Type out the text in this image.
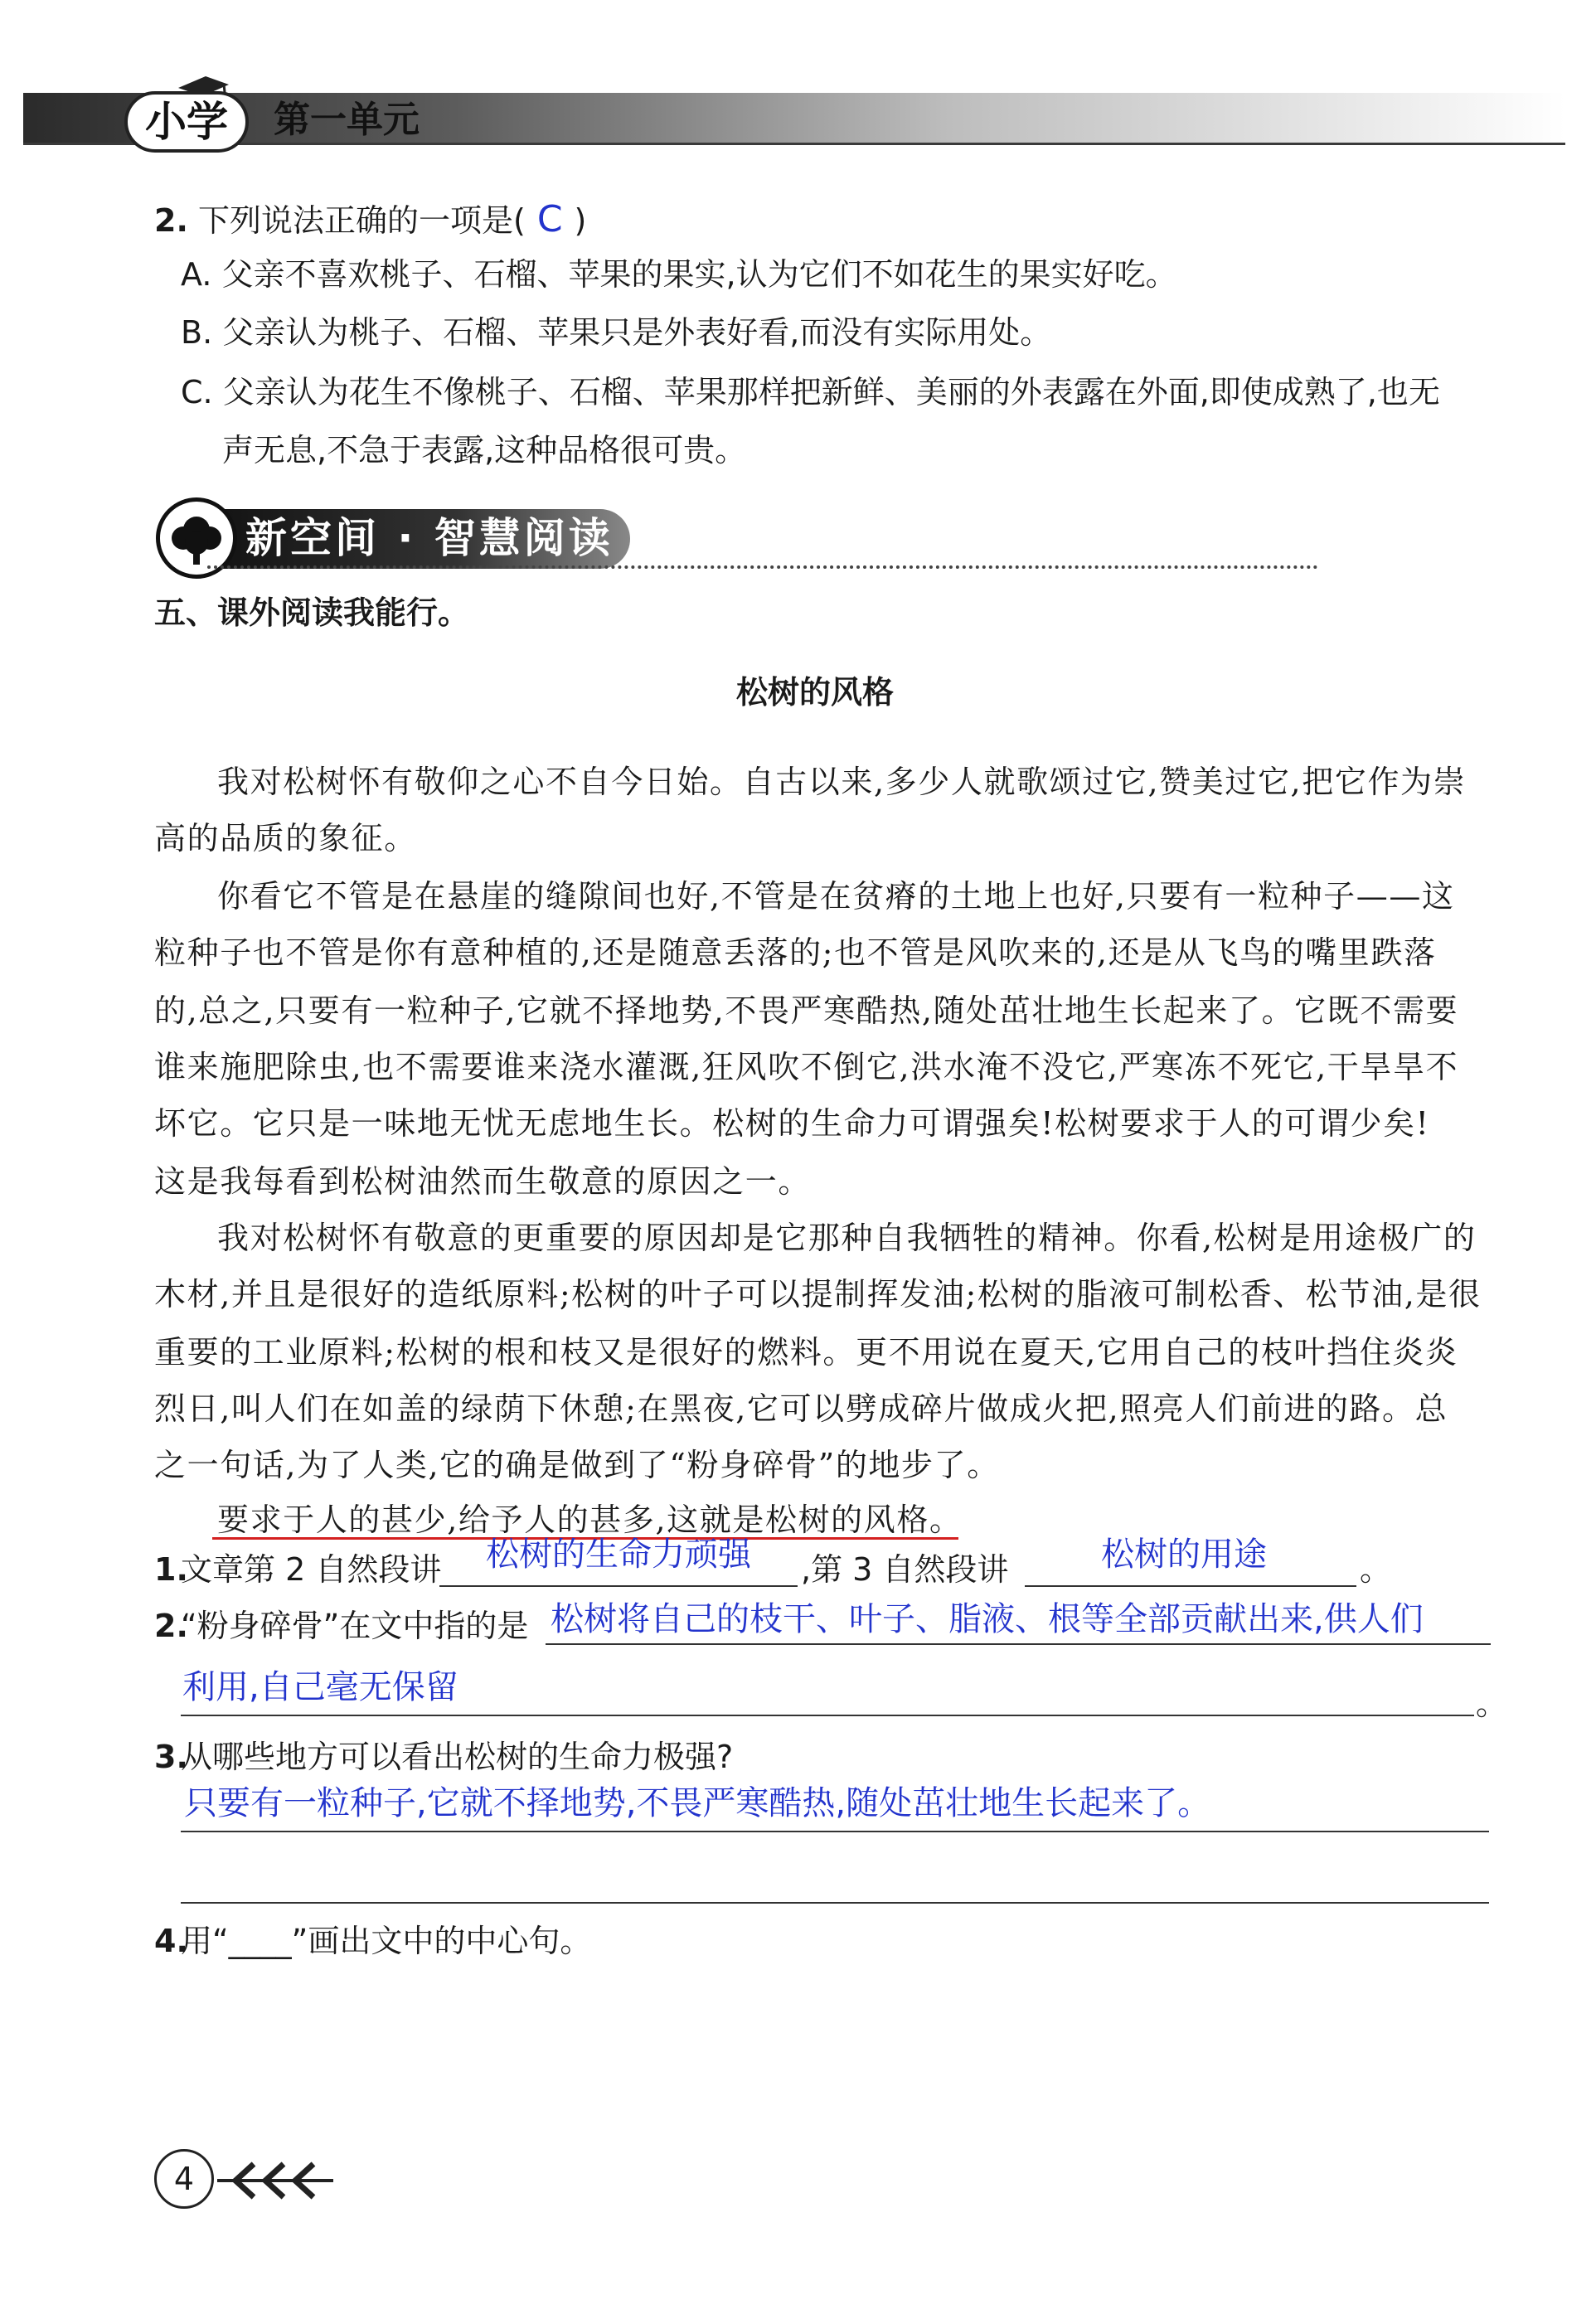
小学	第一单元
2. 下列说法正确的一项是( C )
A. 父亲不喜欢桃子、石榴、苹果的果实,认为它们不如花生的果实好吃。
B. 父亲认为桃子、石榴、苹果只是外表好看,而没有实际用处。
C. 父亲认为花生不像桃子、石榴、苹果那样把新鲜、美丽的外表露在外面,即使成熟了,也无
声无息,不急于表露,这种品格很可贵。
新空间 · 智慧阅读
五、课外阅读我能行。
松树的风格
我对松树怀有敬仰之心不自今日始。自古以来,多少人就歌颂过它,赞美过它,把它作为崇
高的品质的象征。
你看它不管是在悬崖的缝隙间也好,不管是在贫瘠的土地上也好,只要有一粒种子——这
粒种子也不管是你有意种植的,还是随意丢落的;也不管是风吹来的,还是从飞鸟的嘴里跌落
的,总之,只要有一粒种子,它就不择地势,不畏严寒酷热,随处茁壮地生长起来了。它既不需要
谁来施肥除虫,也不需要谁来浇水灌溉,狂风吹不倒它,洪水淹不没它,严寒冻不死它,干旱旱不
坏它。它只是一味地无忧无虑地生长。松树的生命力可谓强矣!松树要求于人的可谓少矣!
这是我每看到松树油然而生敬意的原因之一。
我对松树怀有敬意的更重要的原因却是它那种自我牺牲的精神。你看,松树是用途极广的
木材,并且是很好的造纸原料;松树的叶子可以提制挥发油;松树的脂液可制松香、松节油,是很
重要的工业原料;松树的根和枝又是很好的燃料。更不用说在夏天,它用自己的枝叶挡住炎炎
烈日,叫人们在如盖的绿荫下休憩;在黑夜,它可以劈成碎片做成火把,照亮人们前进的路。总
之一句话,为了人类,它的确是做到了“粉身碎骨”的地步了。
要求于人的甚少,给予人的甚多,这就是松树的风格。
1.
文章第 2 自然段讲 松树的生命力顽强 ,第 3 自然段讲	松树的用途	。
2.
“粉身碎骨”在文中指的是 松树将自己的枝干、叶子、脂液、根等全部贡献出来,供人们
利用,自己毫无保留	。
3.
从哪些地方可以看出松树的生命力极强?
只要有一粒种子,它就不择地势,不畏严寒酷热,随处茁壮地生长起来了。
4.
用“____”画出文中的中心句。
4
